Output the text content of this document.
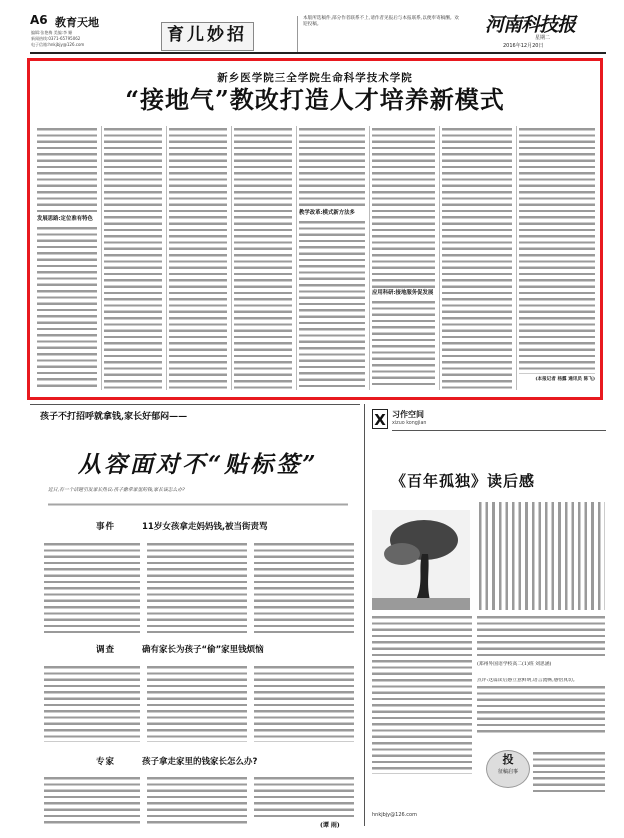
A6 教育天地
编辑:张艳梅 美编:李 姗
新闻热线:0371-65795062
电子信箱:hnkjbjy@126.com	育儿妙招
本版所选稿件,部分作者联系不上,请作者见报后与本报联系,以便奉寄稿酬。欢迎投稿。	河南科技报
星期二
2016年12月20日
新乡医学院三全学院生命科学技术学院
“接地气”教改打造人才培养新模式
发展思路:定位准有特色
教学改革:模式新方法多
应用科研:接地服务促发展
(本报记者 杨露 通讯员 陈飞)
孩子不打招呼就拿钱,家长好郁闷——
从容面对不“贴标签”
近日,有一个话题引发家长热议:孩子偷拿家里的钱,家长该怎么办?
事件	11岁女孩拿走妈妈钱,被当街责骂
调查	确有家长为孩子“偷”家里钱烦恼
专家	孩子拿走家里的钱家长怎么办?
(谭 雨)
X 习作空间
xizuo kongjian
《百年孤独》读后感
(郑州外国语学校高二(1)班 刘思涵)
点评:这篇读后感立意鲜明,语言流畅,感悟真切。
投
征稿启事
hnkjbjy@126.com
